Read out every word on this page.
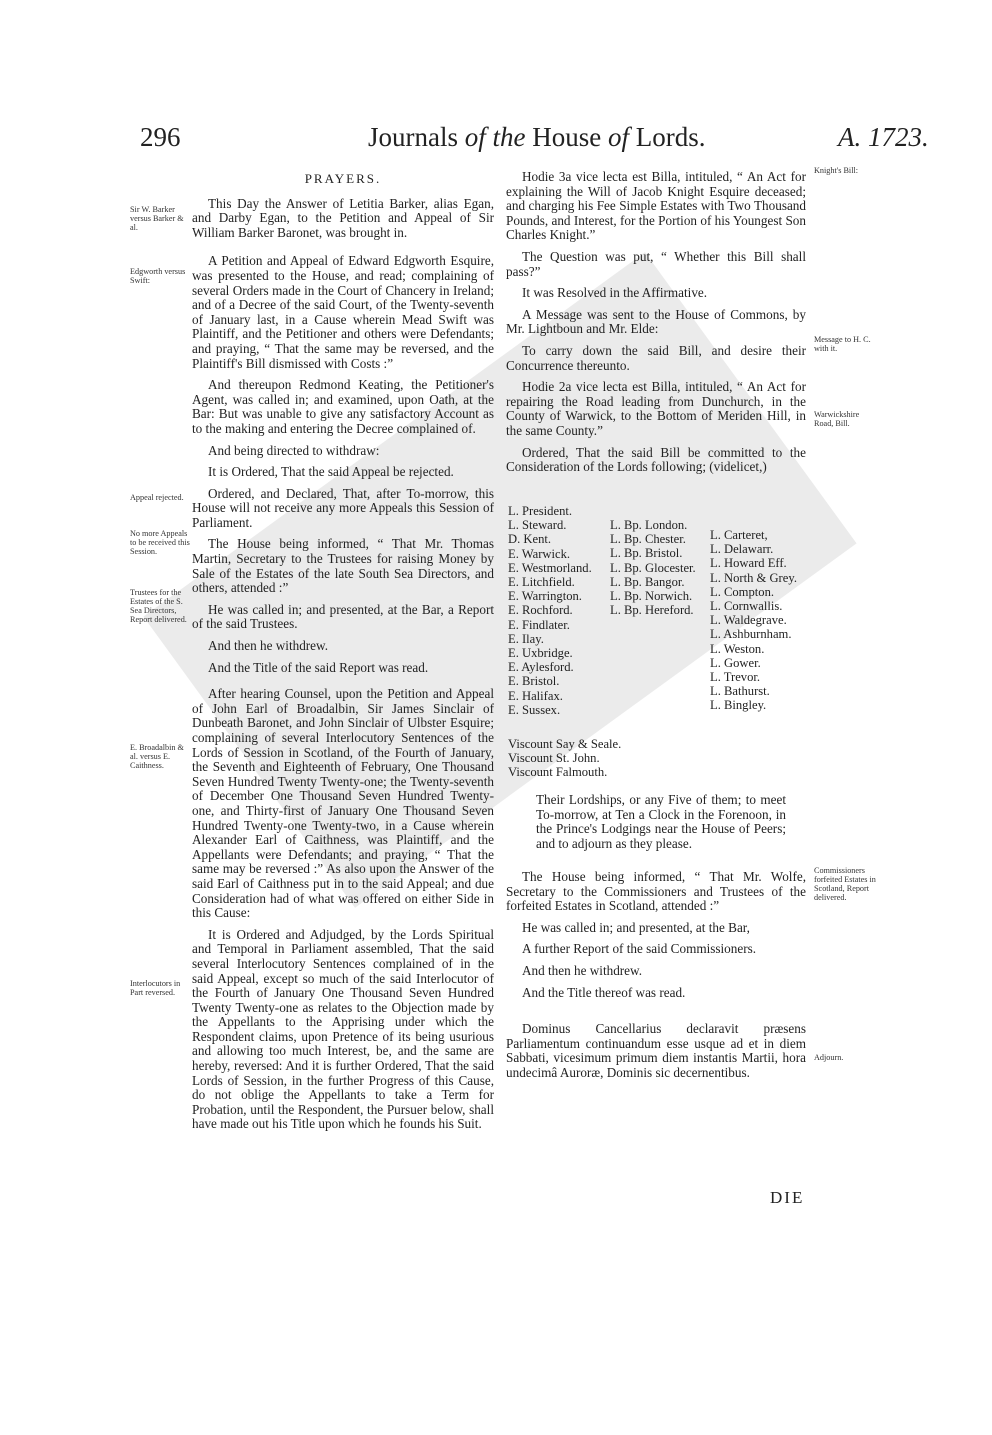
296	Journals of the House of Lords.	A. 1723.
Sir W. Barker versus Barker & al.
Edgworth versus Swift:
Appeal rejected.
No more Appeals to be received this Session.
Trustees for the Estates of the S. Sea Directors, Report delivered.
E. Broadalbin & al. versus E. Caithness.
Interlocutors in Part reversed.
PRAYERS.

This Day the Answer of Letitia Barker, alias Egan, and Darby Egan, to the Petition and Appeal of Sir William Barker Baronet, was brought in.

A Petition and Appeal of Edward Edgworth Esquire, was presented to the House, and read; complaining of several Orders made in the Court of Chancery in Ireland; and of a Decree of the said Court, of the Twenty-seventh of January last, in a Cause wherein Mead Swift was Plaintiff, and the Petitioner and others were Defendants; and praying, “ That the same may be reversed, and the Plaintiff's Bill dismissed with Costs :”

And thereupon Redmond Keating, the Petitioner's Agent, was called in; and examined, upon Oath, at the Bar: But was unable to give any satisfactory Account as to the making and entering the Decree complained of.

And being directed to withdraw:

It is Ordered, That the said Appeal be rejected.

Ordered, and Declared, That, after To-morrow, this House will not receive any more Appeals this Session of Parliament.

The House being informed, “ That Mr. Thomas Martin, Secretary to the Trustees for raising Money by Sale of the Estates of the late South Sea Directors, and others, attended :”

He was called in; and presented, at the Bar, a Report of the said Trustees.

And then he withdrew.

And the Title of the said Report was read.

After hearing Counsel, upon the Petition and Appeal of John Earl of Broadalbin, Sir James Sinclair of Dunbeath Baronet, and John Sinclair of Ulbster Esquire; complaining of several Interlocutory Sentences of the Lords of Session in Scotland, of the Fourth of January, the Seventh and Eighteenth of February, One Thousand Seven Hundred Twenty Twenty-one; the Twenty-seventh of December One Thousand Seven Hundred Twenty-one, and Thirty-first of January One Thousand Seven Hundred Twenty-one Twenty-two, in a Cause wherein Alexander Earl of Caithness, was Plaintiff, and the Appellants were Defendants; and praying, “ That the same may be reversed :” As also upon the Answer of the said Earl of Caithness put in to the said Appeal; and due Consideration had of what was offered on either Side in this Cause:

It is Ordered and Adjudged, by the Lords Spiritual and Temporal in Parliament assembled, That the said several Interlocutory Sentences complained of in the said Appeal, except so much of the said Interlocutor of the Fourth of January One Thousand Seven Hundred Twenty Twenty-one as relates to the Objection made by the Appellants to the Apprising under which the Respondent claims, upon Pretence of its being usurious and allowing too much Interest, be, and the same are hereby, reversed: And it is further Ordered, That the said Lords of Session, in the further Progress of this Cause, do not oblige the Appellants to take a Term for Probation, until the Respondent, the Pursuer below, shall have made out his Title upon which he founds his Suit.

Hodie 3a vice lecta est Billa, intituled, “ An Act for explaining the Will of Jacob Knight Esquire deceased; and charging his Fee Simple Estates with Two Thousand Pounds, and Interest, for the Portion of his Youngest Son Charles Knight.”

The Question was put, “ Whether this Bill shall pass?”

It was Resolved in the Affirmative.

A Message was sent to the House of Commons, by Mr. Lightboun and Mr. Elde:

To carry down the said Bill, and desire their Concurrence thereunto.

Hodie 2a vice lecta est Billa, intituled, “ An Act for repairing the Road leading from Dunchurch, in the County of Warwick, to the Bottom of Meriden Hill, in the same County.”

Ordered, That the said Bill be committed to the Consideration of the Lords following; (videlicet,)

Knight's Bill:
Message to H. C. with it.
Warwickshire Road, Bill.
Commissioners forfeited Estates in Scotland, Report delivered.
Adjourn.
L. President.
L. Steward.
D. Kent.
E. Warwick.
E. Westmorland.
E. Litchfield.
E. Warrington.
E. Rochford.
E. Findlater.
E. Ilay.
E. Uxbridge.
E. Aylesford.
E. Bristol.
E. Halifax.
E. Sussex.
L. Bp. London.
L. Bp. Chester.
L. Bp. Bristol.
L. Bp. Glocester.
L. Bp. Bangor.
L. Bp. Norwich.
L. Bp. Hereford.
L. Carteret,
L. Delawarr.
L. Howard Eff.
L. North & Grey.
L. Compton.
L. Cornwallis.
L. Waldegrave.
L. Ashburnham.
L. Weston.
L. Gower.
L. Trevor.
L. Bathurst.
L. Bingley.
Viscount Say & Seale.
Viscount St. John.
Viscount Falmouth.

Their Lordships, or any Five of them; to meet To-morrow, at Ten a Clock in the Forenoon, in the Prince's Lodgings near the House of Peers; and to adjourn as they please.

The House being informed, “ That Mr. Wolfe, Secretary to the Commissioners and Trustees of the forfeited Estates in Scotland, attended :”

He was called in; and presented, at the Bar,

A further Report of the said Commissioners.

And then he withdrew.

And the Title thereof was read.

Dominus Cancellarius declaravit præsens Parliamentum continuandum esse usque ad et in diem Sabbati, vicesimum primum diem instantis Martii, hora undecimâ Auroræ, Dominis sic decernentibus.

DIE
